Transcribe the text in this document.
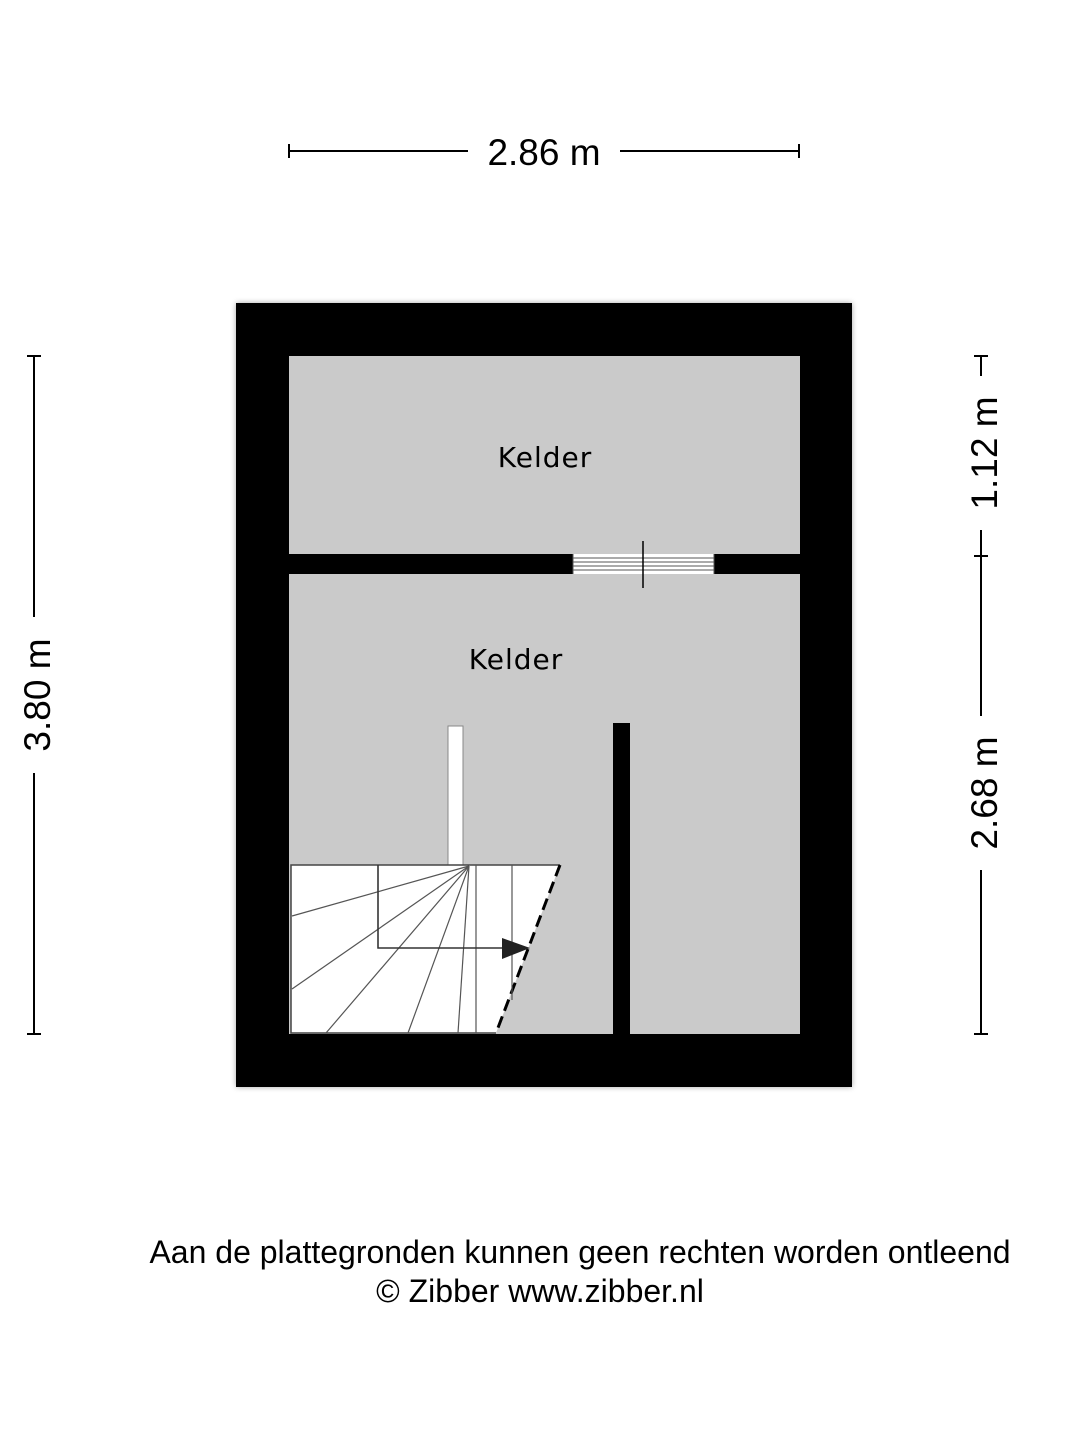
2.86 m
3.80 m
1.12 m
2.68 m
Kelder
Kelder
Aan de plattegronden kunnen geen rechten worden ontleend
© Zibber www.zibber.nl
